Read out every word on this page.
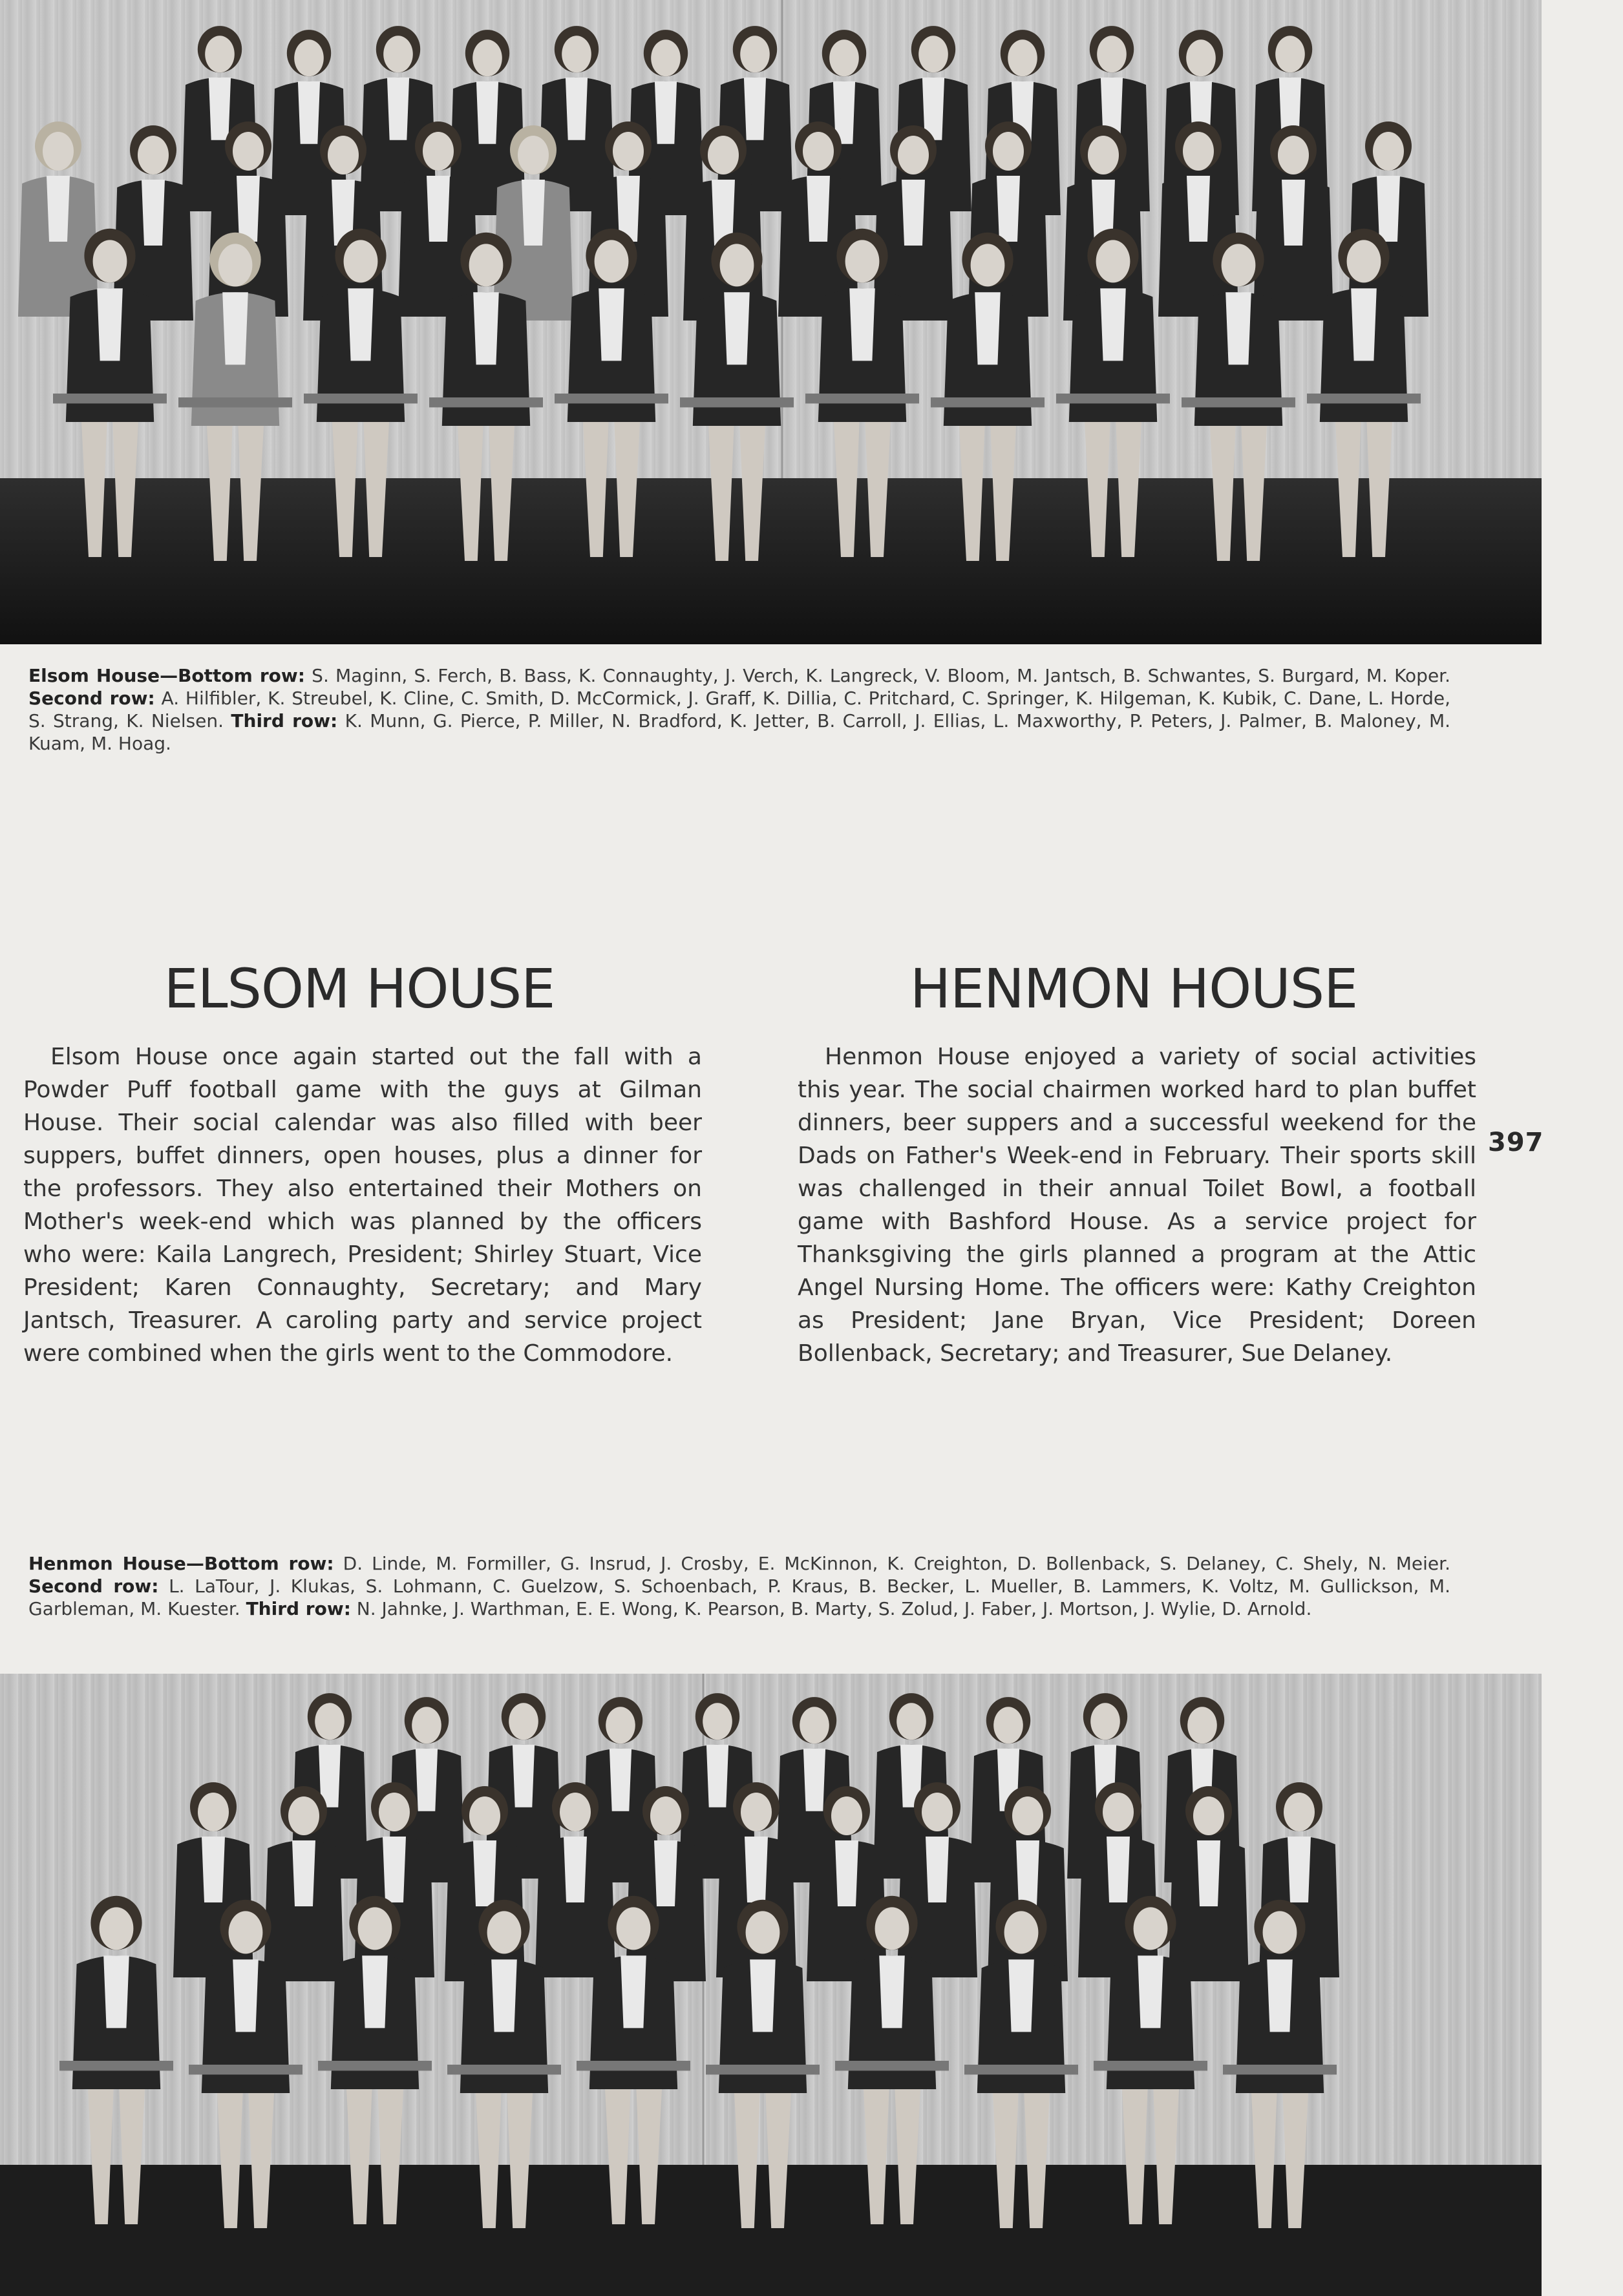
Elsom House—Bottom row: S. Maginn, S. Ferch, B. Bass, K. Connaughty, J. Verch, K. Langreck, V. Bloom, M. Jantsch, B. Schwantes, S. Burgard, M. Koper. Second row: A. Hilfibler, K. Streubel, K. Cline, C. Smith, D. McCormick, J. Graff, K. Dillia, C. Pritchard, C. Springer, K. Hilgeman, K. Kubik, C. Dane, L. Horde, S. Strang, K. Nielsen. Third row: K. Munn, G. Pierce, P. Miller, N. Bradford, K. Jetter, B. Carroll, J. Ellias, L. Maxworthy, P. Peters, J. Palmer, B. Maloney, M. Kuam, M. Hoag.

ELSOM HOUSE	HENMON HOUSE

Elsom House once again started out the fall with a Powder Puff football game with the guys at Gilman House. Their social calendar was also filled with beer suppers, buffet dinners, open houses, plus a dinner for the professors. They also entertained their Mothers on Mother's week-end which was planned by the officers who were: Kaila Langrech, President; Shirley Stuart, Vice President; Karen Connaughty, Secretary; and Mary Jantsch, Treasurer. A caroling party and service project were combined when the girls went to the Commodore.

Henmon House enjoyed a variety of social activities this year. The social chairmen worked hard to plan buffet dinners, beer suppers and a successful weekend for the Dads on Father's Week-end in February. Their sports skill was challenged in their annual Toilet Bowl, a football game with Bashford House. As a service project for Thanksgiving the girls planned a program at the Attic Angel Nursing Home. The officers were: Kathy Creighton as President; Jane Bryan, Vice President; Doreen Bollenback, Secretary; and Treasurer, Sue Delaney.

397

Henmon House—Bottom row: D. Linde, M. Formiller, G. Insrud, J. Crosby, E. McKinnon, K. Creighton, D. Bollenback, S. Delaney, C. Shely, N. Meier. Second row: L. LaTour, J. Klukas, S. Lohmann, C. Guelzow, S. Schoenbach, P. Kraus, B. Becker, L. Mueller, B. Lammers, K. Voltz, M. Gullickson, M. Garbleman, M. Kuester. Third row: N. Jahnke, J. Warthman, E. E. Wong, K. Pearson, B. Marty, S. Zolud, J. Faber, J. Mortson, J. Wylie, D. Arnold.
